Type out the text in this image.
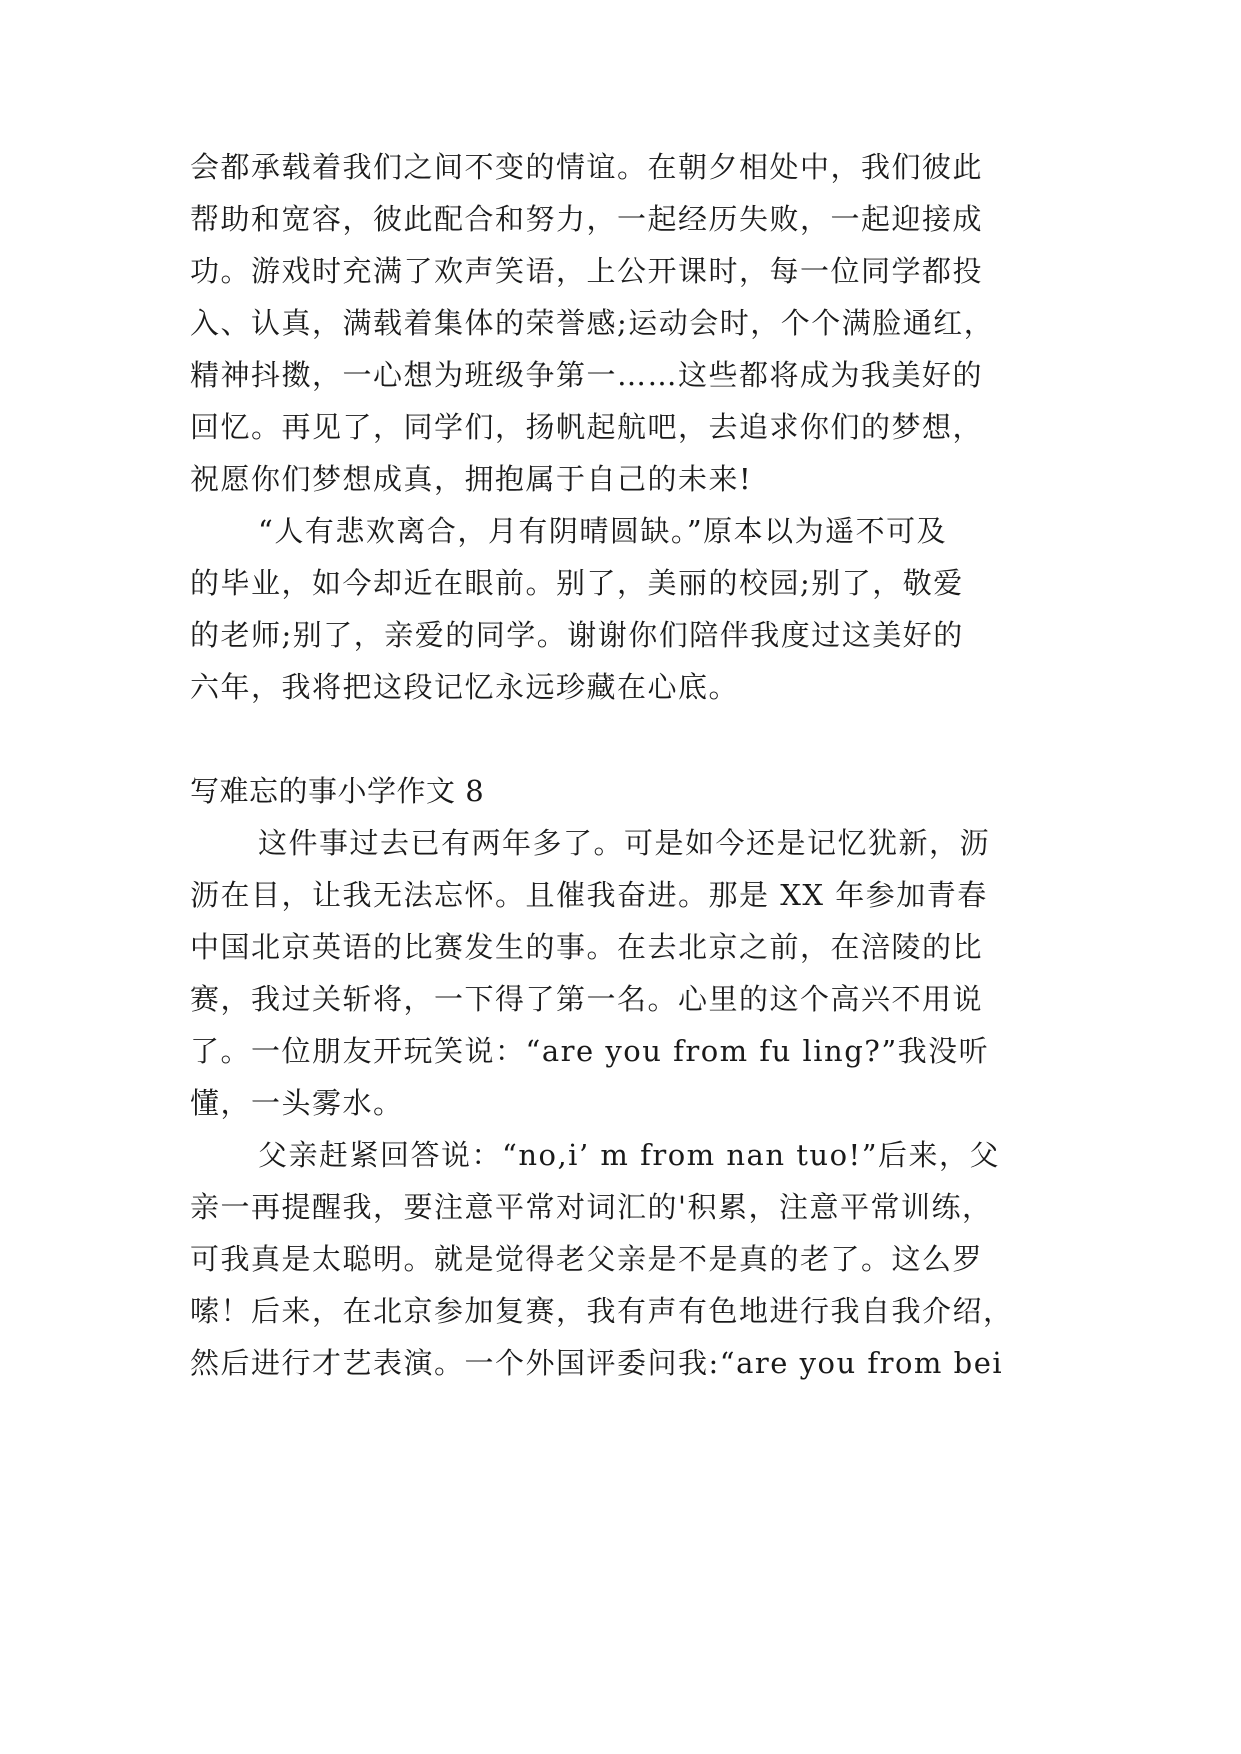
会都承载着我们之间不变的情谊。在朝夕相处中，我们彼此
帮助和宽容，彼此配合和努力，一起经历失败，一起迎接成
功。游戏时充满了欢声笑语，上公开课时，每一位同学都投
入、认真，满载着集体的荣誉感;运动会时，个个满脸通红，
精神抖擞，一心想为班级争第一……这些都将成为我美好的
回忆。再见了，同学们，扬帆起航吧，去追求你们的梦想，
祝愿你们梦想成真，拥抱属于自己的未来!
“人有悲欢离合，月有阴晴圆缺。”原本以为遥不可及
的毕业，如今却近在眼前。别了，美丽的校园;别了，敬爱
的老师;别了，亲爱的同学。谢谢你们陪伴我度过这美好的
六年，我将把这段记忆永远珍藏在心底。
写难忘的事小学作文 8
这件事过去已有两年多了。可是如今还是记忆犹新，沥
沥在目，让我无法忘怀。且催我奋进。那是 XX 年参加青春
中国北京英语的比赛发生的事。在去北京之前，在涪陵的比
赛，我过关斩将，一下得了第一名。心里的这个高兴不用说
了。一位朋友开玩笑说：“are you from fu ling?”我没听
懂，一头雾水。
父亲赶紧回答说：“no,i’ m from nan tuo!”后来，父
亲一再提醒我，要注意平常对词汇的'积累，注意平常训练，
可我真是太聪明。就是觉得老父亲是不是真的老了。这么罗
嗦！后来，在北京参加复赛，我有声有色地进行我自我介绍，
然后进行才艺表演。一个外国评委问我:“are you from bei
